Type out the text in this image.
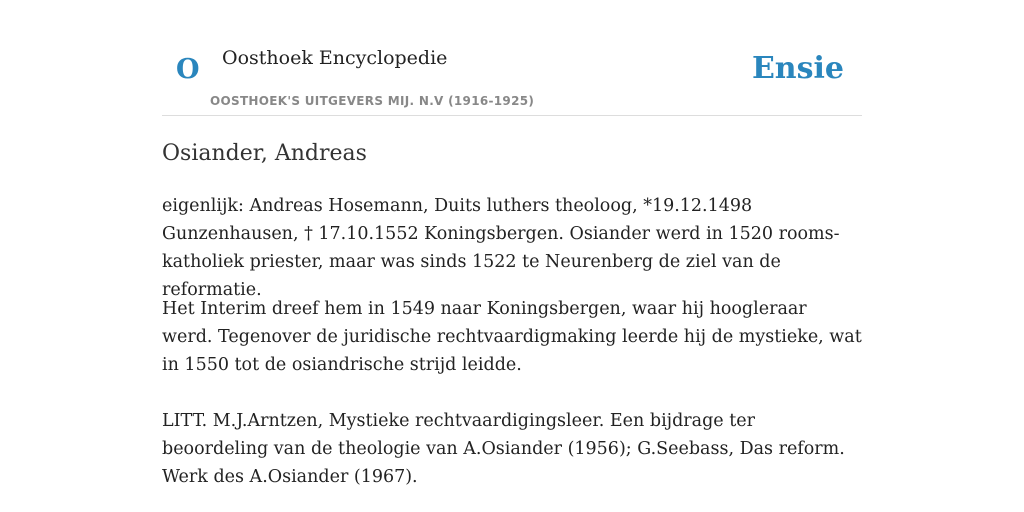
O Oosthoek Encyclopedie
OOSTHOEK'S UITGEVERS MIJ. N.V (1916-1925)
Ensie
Osiander, Andreas

eigenlijk: Andreas Hosemann, Duits luthers theoloog, *19.12.1498 Gunzenhausen, † 17.10.1552 Koningsbergen. Osiander werd in 1520 rooms-katholiek priester, maar was sinds 1522 te Neurenberg de ziel van de reformatie.

Het Interim dreef hem in 1549 naar Koningsbergen, waar hij hoogleraar werd. Tegenover de juridische rechtvaardigmaking leerde hij de mystieke, wat in 1550 tot de osiandrische strijd leidde.

LITT. M.J.Arntzen, Mystieke rechtvaardigingsleer. Een bijdrage ter beoordeling van de theologie van A.Osiander (1956); G.Seebass, Das reform. Werk des A.Osiander (1967).
